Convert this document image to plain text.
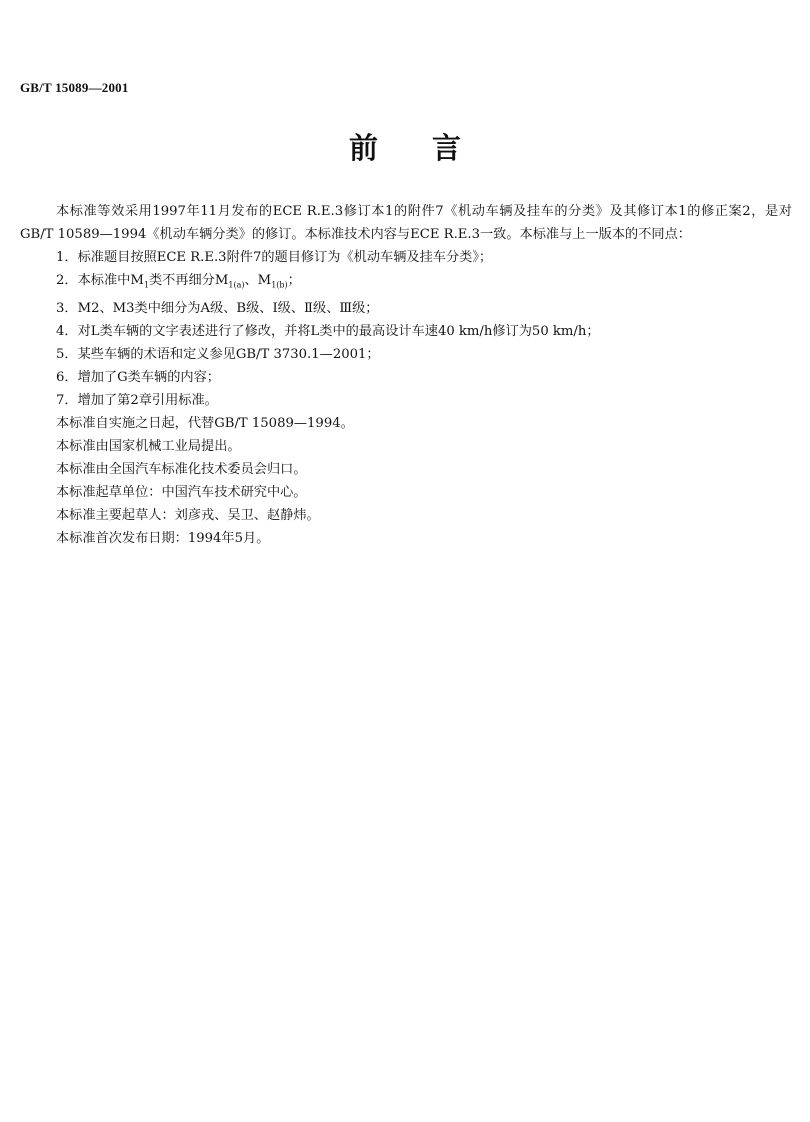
GB/T 15089—2001
前 言
本标准等效采用1997年11月发布的ECE R.E.3修订本1的附件7《机动车辆及挂车的分类》及其修订本1的修正案2，是对GB/T 10589—1994《机动车辆分类》的修订。本标准技术内容与ECE R.E.3一致。本标准与上一版本的不同点：
1．标准题目按照ECE R.E.3附件7的题目修订为《机动车辆及挂车分类》；
2．本标准中$M_1$类不再细分$M_{1(a)}$、$M_{1(b)}$；
3．M2、M3类中细分为A级、B级、Ⅰ级、Ⅱ级、Ⅲ级；
4．对L类车辆的文字表述进行了修改，并将L类中的最高设计车速40 km/h修订为50 km/h；
5．某些车辆的术语和定义参见GB/T 3730.1—2001；
6．增加了G类车辆的内容；
7．增加了第2章引用标准。
本标准自实施之日起，代替GB/T 15089—1994。
本标准由国家机械工业局提出。
本标准由全国汽车标准化技术委员会归口。
本标准起草单位：中国汽车技术研究中心。
本标准主要起草人：刘彦戎、吴卫、赵静炜。
本标准首次发布日期：1994年5月。
